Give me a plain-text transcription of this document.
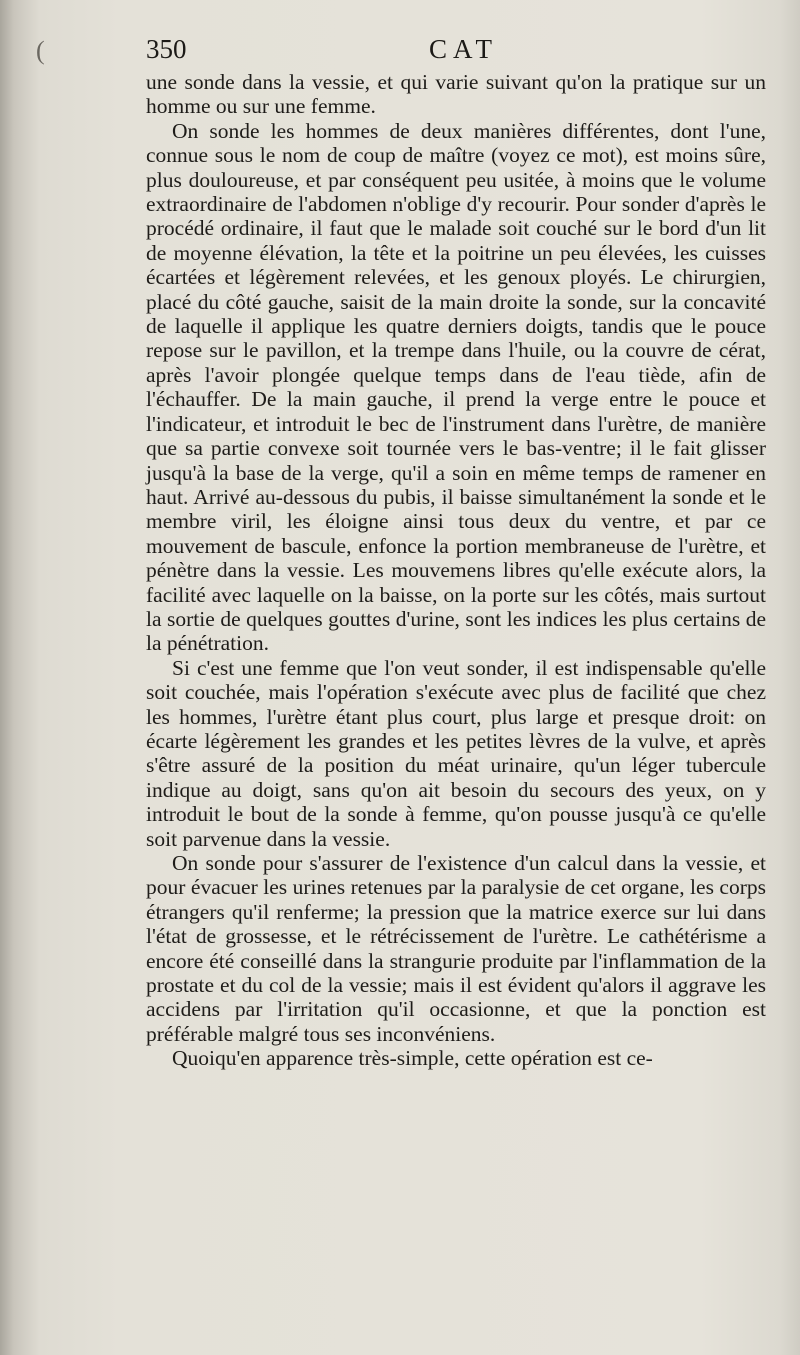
(	350	CAT

une sonde dans la vessie, et qui varie suivant qu'on la pratique sur un homme ou sur une femme.

On sonde les hommes de deux manières différentes, dont l'une, connue sous le nom de coup de maître (voyez ce mot), est moins sûre, plus douloureuse, et par conséquent peu usitée, à moins que le volume extraordinaire de l'abdomen n'oblige d'y recourir. Pour sonder d'après le procédé ordinaire, il faut que le malade soit couché sur le bord d'un lit de moyenne élévation, la tête et la poitrine un peu élevées, les cuisses écartées et légèrement relevées, et les genoux ployés. Le chirurgien, placé du côté gauche, saisit de la main droite la sonde, sur la concavité de laquelle il applique les quatre derniers doigts, tandis que le pouce repose sur le pavillon, et la trempe dans l'huile, ou la couvre de cérat, après l'avoir plongée quelque temps dans de l'eau tiède, afin de l'échauffer. De la main gauche, il prend la verge entre le pouce et l'indicateur, et introduit le bec de l'instrument dans l'urètre, de manière que sa partie convexe soit tournée vers le bas-ventre; il le fait glisser jusqu'à la base de la verge, qu'il a soin en même temps de ramener en haut. Arrivé au-dessous du pubis, il baisse simultanément la sonde et le membre viril, les éloigne ainsi tous deux du ventre, et par ce mouvement de bascule, enfonce la portion membraneuse de l'urètre, et pénètre dans la vessie. Les mouvemens libres qu'elle exécute alors, la facilité avec laquelle on la baisse, on la porte sur les côtés, mais surtout la sortie de quelques gouttes d'urine, sont les indices les plus certains de la pénétration.

Si c'est une femme que l'on veut sonder, il est indispensable qu'elle soit couchée, mais l'opération s'exécute avec plus de facilité que chez les hommes, l'urètre étant plus court, plus large et presque droit: on écarte légèrement les grandes et les petites lèvres de la vulve, et après s'être assuré de la position du méat urinaire, qu'un léger tubercule indique au doigt, sans qu'on ait besoin du secours des yeux, on y introduit le bout de la sonde à femme, qu'on pousse jusqu'à ce qu'elle soit parvenue dans la vessie.

On sonde pour s'assurer de l'existence d'un calcul dans la vessie, et pour évacuer les urines retenues par la paralysie de cet organe, les corps étrangers qu'il renferme; la pression que la matrice exerce sur lui dans l'état de grossesse, et le rétrécissement de l'urètre. Le cathétérisme a encore été conseillé dans la strangurie produite par l'inflammation de la prostate et du col de la vessie; mais il est évident qu'alors il aggrave les accidens par l'irritation qu'il occasionne, et que la ponction est préférable malgré tous ses inconvéniens.

Quoiqu'en apparence très-simple, cette opération est ce-
